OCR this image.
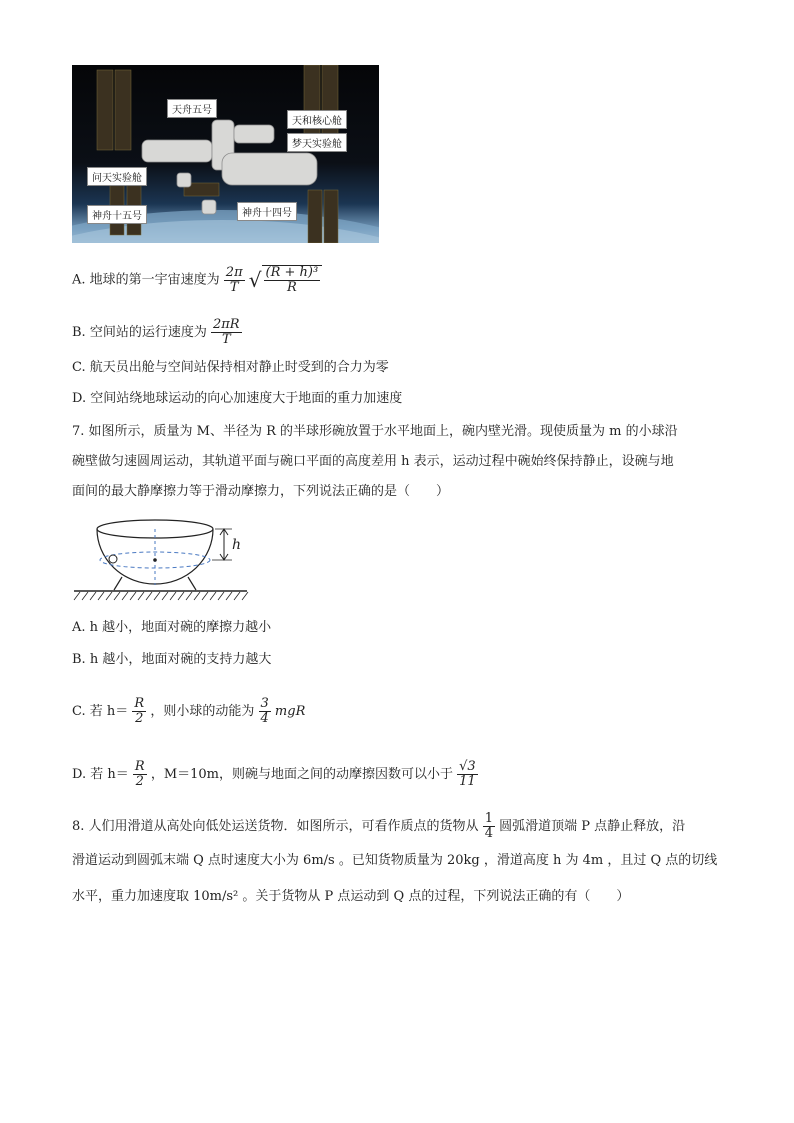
天舟五号
天和核心舱
梦天实验舱
问天实验舱
神舟十五号	神舟十四号
A. 地球的第一宇宙速度为 $\frac{2\pi}{T}$ √ $\frac{\text{(R + h)³}}{R}$
B. 空间站的运行速度为 $\frac{2\pi R}{T}$
C. 航天员出舱与空间站保持相对静止时受到的合力为零
D. 空间站绕地球运动的向心加速度大于地面的重力加速度
7. 如图所示，质量为 M、半径为 R 的半球形碗放置于水平地面上，碗内壁光滑。现使质量为 m 的小球沿
碗壁做匀速圆周运动，其轨道平面与碗口平面的高度差用 h 表示，运动过程中碗始终保持静止，设碗与地
面间的最大静摩擦力等于滑动摩擦力，下列说法正确的是（　　）
h
A. h 越小，地面对碗的摩擦力越小
B. h 越小，地面对碗的支持力越大
C. 若 $h= \frac{R}{2}$ ，则小球的动能为 $\frac{3}{4}$ mgR
D. 若 $h= \frac{R}{2}$ ，M＝10m，则碗与地面之间的动摩擦因数可以小于 $\frac{√3}{11}$
8. 人们用滑道从高处向低处运送货物．如图所示，可看作质点的货物从 $\frac{1}{4}$ 圆弧滑道顶端 P 点静止释放，沿
滑道运动到圆弧末端 Q 点时速度大小为 6m/s 。已知货物质量为 20kg ，滑道高度 h 为 4m ，且过 Q 点的切线
水平，重力加速度取 10m/s² 。关于货物从 P 点运动到 Q 点的过程，下列说法正确的有（　　）
